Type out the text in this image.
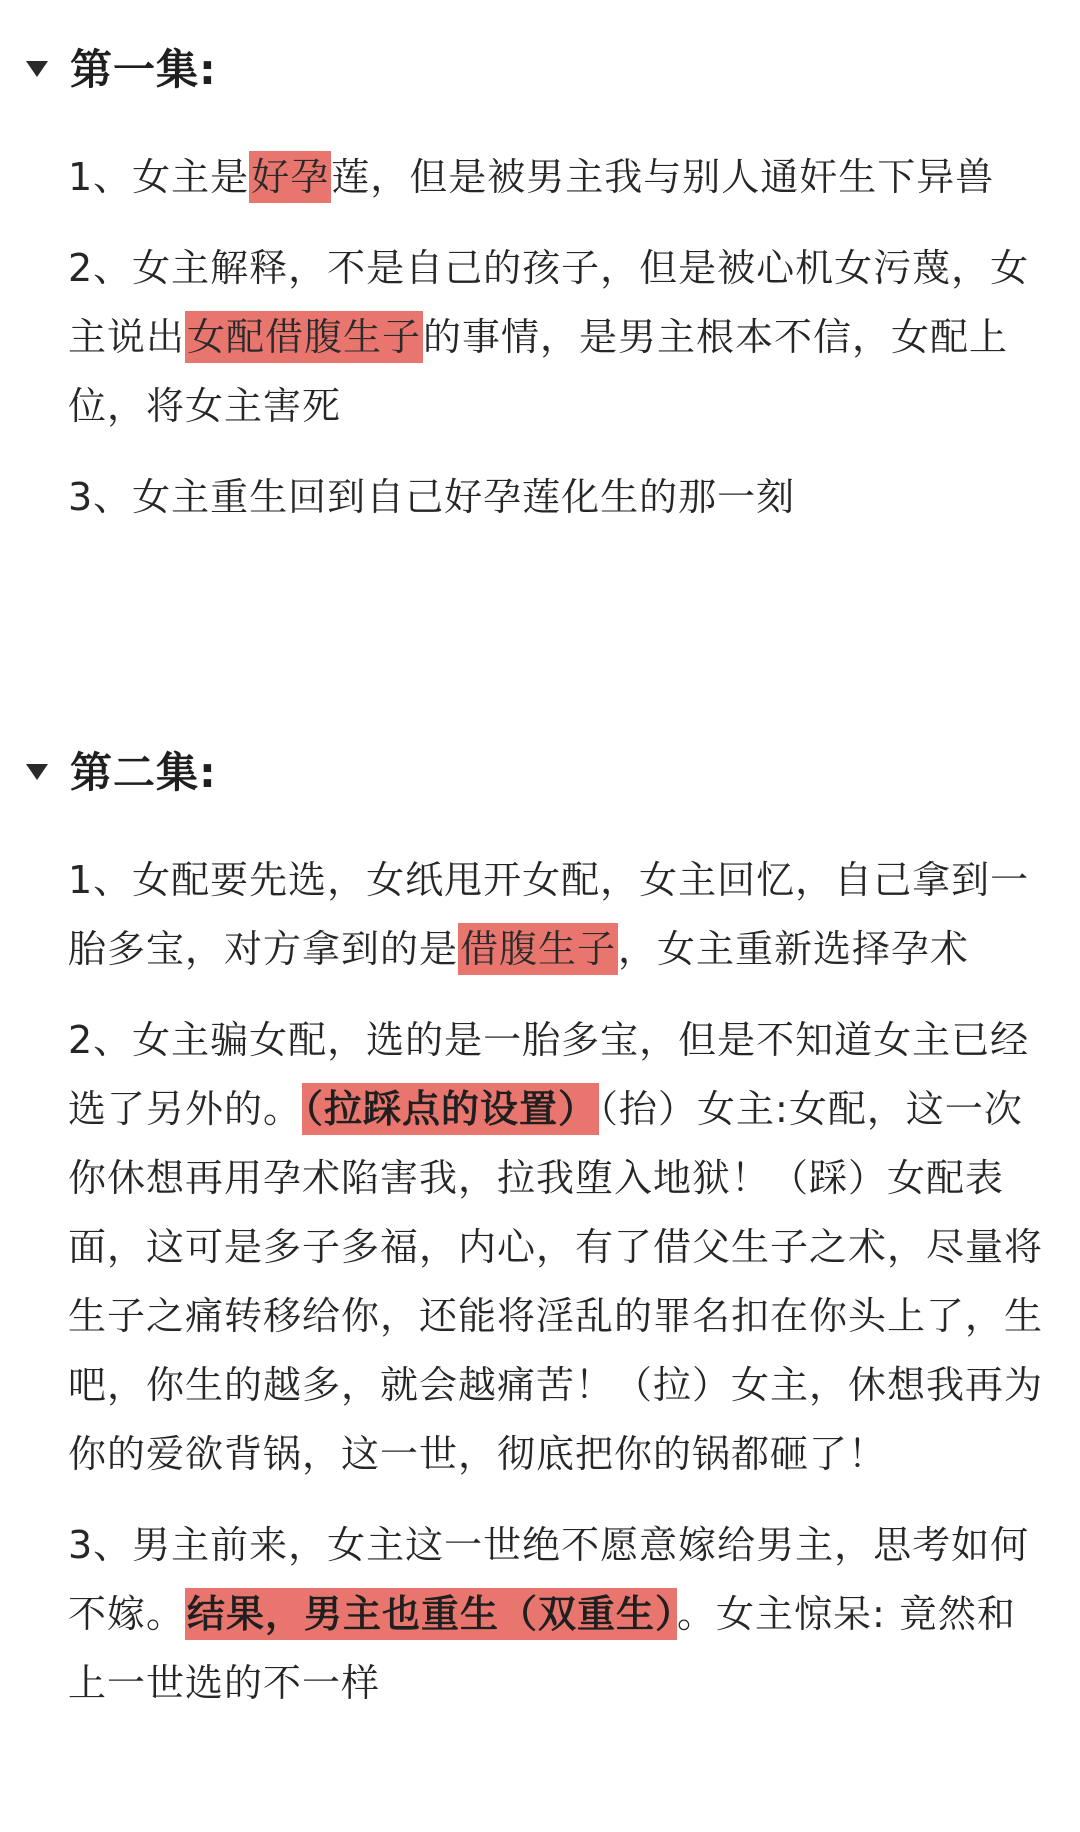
第一集:
1、女主是好孕莲，但是被男主我与别人通奸生下异兽
2、女主解释，不是自己的孩子，但是被心机女污蔑，女主说出女配借腹生子的事情，是男主根本不信，女配上位，将女主害死
3、女主重生回到自己好孕莲化生的那一刻
第二集:
1、女配要先选，女纸甩开女配，女主回忆，自己拿到一胎多宝，对方拿到的是借腹生子，女主重新选择孕术
2、女主骗女配，选的是一胎多宝，但是不知道女主已经选了另外的。（拉踩点的设置）（抬）女主:女配，这一次你休想再用孕术陷害我，拉我堕入地狱！（踩）女配表面，这可是多子多福，内心，有了借父生子之术，尽量将生子之痛转移给你，还能将淫乱的罪名扣在你头上了，生吧，你生的越多，就会越痛苦！（拉）女主，休想我再为你的爱欲背锅，这一世，彻底把你的锅都砸了！
3、男主前来，女主这一世绝不愿意嫁给男主，思考如何不嫁。结果，男主也重生（双重生）。女主惊呆: 竟然和上一世选的不一样
